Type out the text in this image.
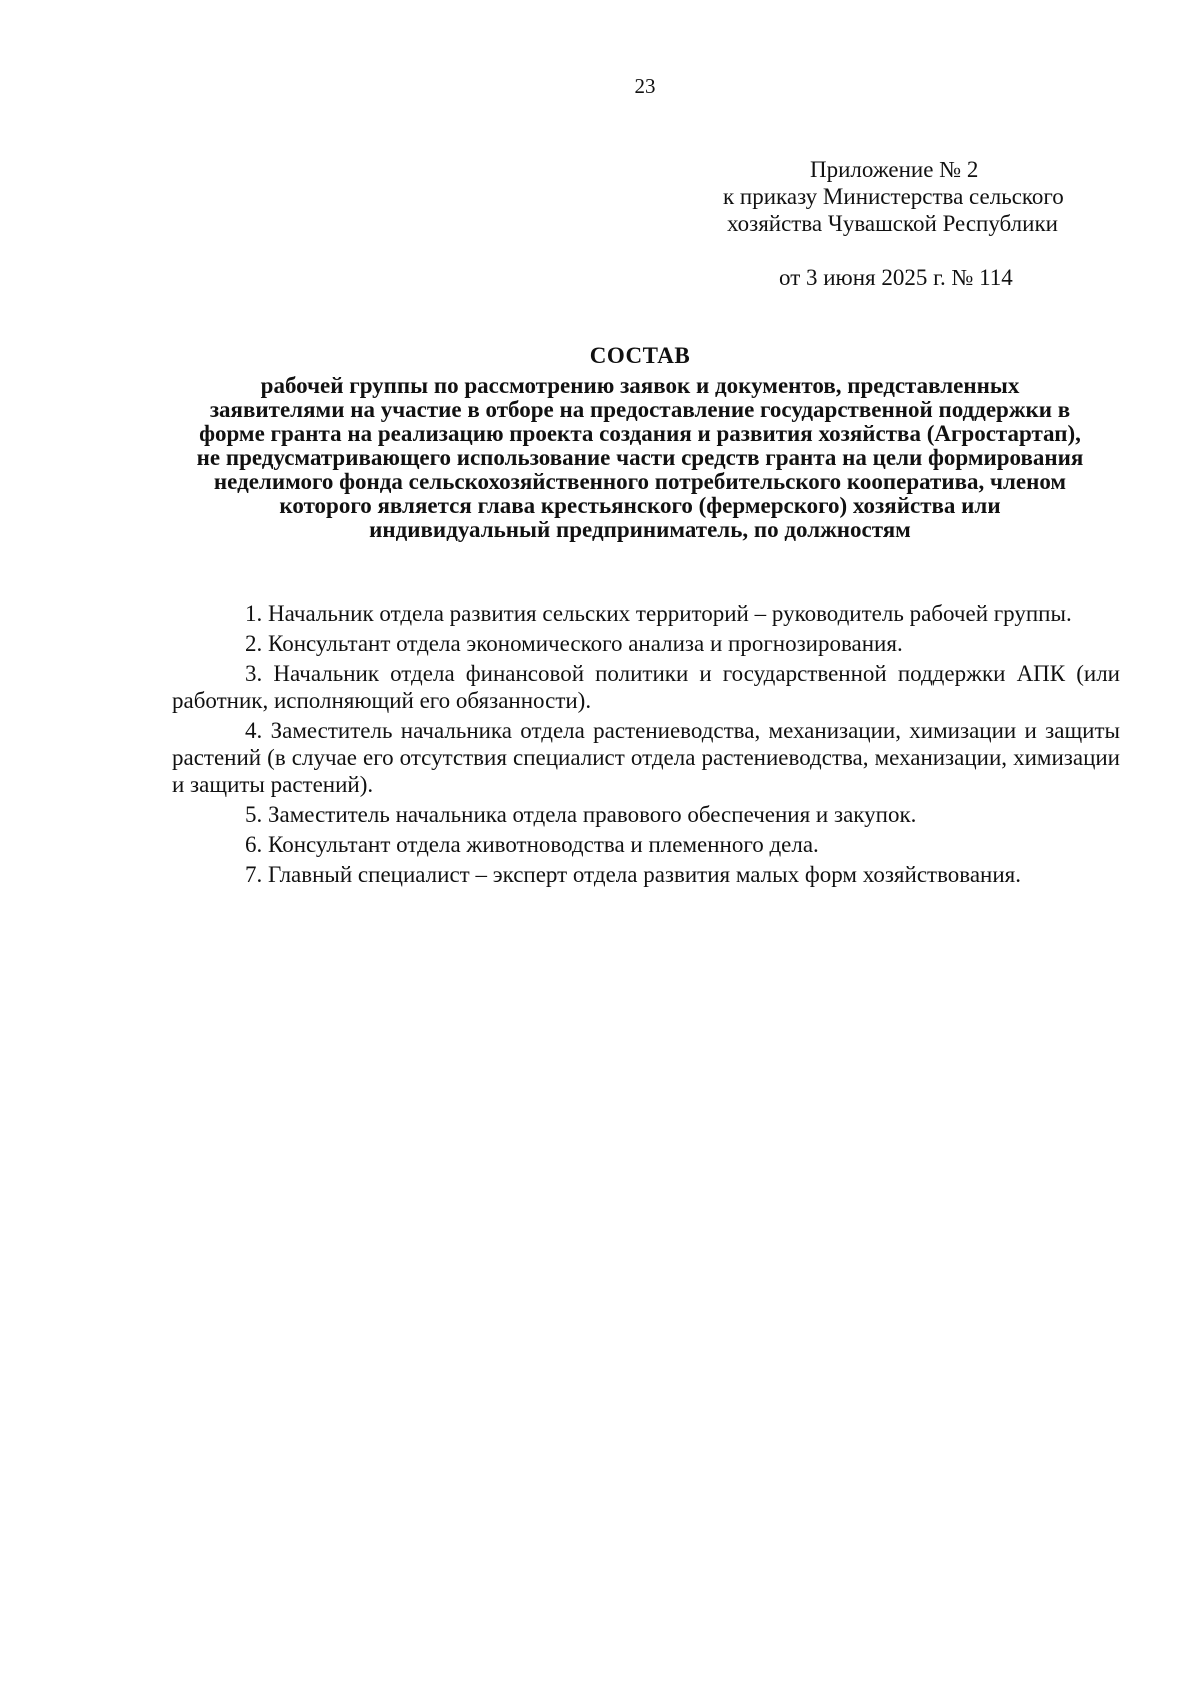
23
Приложение № 2
к приказу Министерства сельского
хозяйства Чувашской Республики
от 3 июня 2025 г. № 114
СОСТАВ
рабочей группы по рассмотрению заявок и документов, представленных
заявителями на участие в отборе на предоставление государственной поддержки в
форме гранта на реализацию проекта создания и развития хозяйства (Агростартап),
не предусматривающего использование части средств гранта на цели формирования
неделимого фонда сельскохозяйственного потребительского кооператива, членом
которого является глава крестьянского (фермерского) хозяйства или
индивидуальный предприниматель, по должностям

1. Начальник отдела развития сельских территорий – руководитель рабочей группы.

2. Консультант отдела экономического анализа и прогнозирования.

3. Начальник отдела финансовой политики и государственной поддержки АПК (или работник, исполняющий его обязанности).

4. Заместитель начальника отдела растениеводства, механизации, химизации и защиты растений (в случае его отсутствия специалист отдела растениеводства, механизации, химизации и защиты растений).

5. Заместитель начальника отдела правового обеспечения и закупок.

6. Консультант отдела животноводства и племенного дела.

7. Главный специалист – эксперт отдела развития малых форм хозяйствования.
